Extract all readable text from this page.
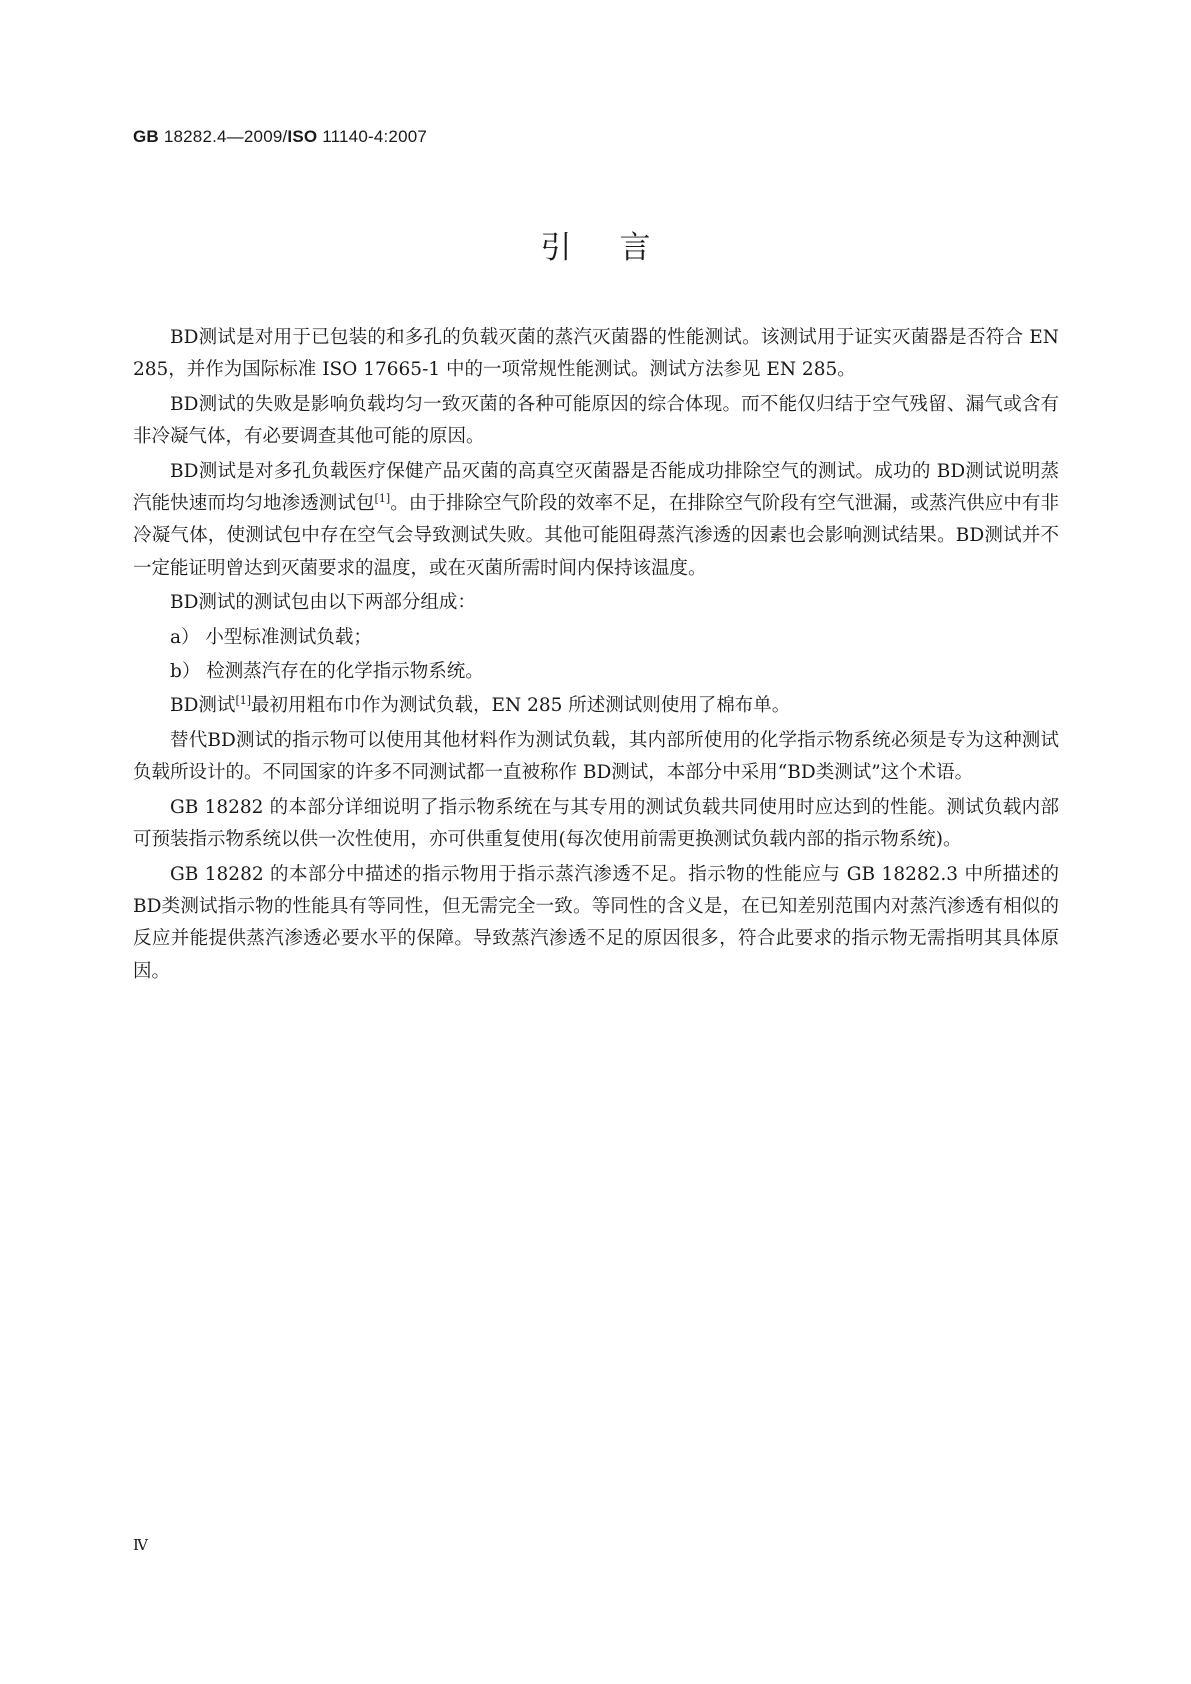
GB 18282.4—2009/ISO 11140-4:2007
引言

BD测试是对用于已包装的和多孔的负载灭菌的蒸汽灭菌器的性能测试。该测试用于证实灭菌器是否符合 EN 285，并作为国际标准 ISO 17665-1 中的一项常规性能测试。测试方法参见 EN 285。

BD测试的失败是影响负载均匀一致灭菌的各种可能原因的综合体现。而不能仅归结于空气残留、漏气或含有非冷凝气体，有必要调查其他可能的原因。

BD测试是对多孔负载医疗保健产品灭菌的高真空灭菌器是否能成功排除空气的测试。成功的 BD测试说明蒸汽能快速而均匀地渗透测试包[1]。由于排除空气阶段的效率不足，在排除空气阶段有空气泄漏，或蒸汽供应中有非冷凝气体，使测试包中存在空气会导致测试失败。其他可能阻碍蒸汽渗透的因素也会影响测试结果。BD测试并不一定能证明曾达到灭菌要求的温度，或在灭菌所需时间内保持该温度。

BD测试的测试包由以下两部分组成：

a） 小型标准测试负载；

b） 检测蒸汽存在的化学指示物系统。

BD测试[1]最初用粗布巾作为测试负载，EN 285 所述测试则使用了棉布单。

替代BD测试的指示物可以使用其他材料作为测试负载，其内部所使用的化学指示物系统必须是专为这种测试负载所设计的。不同国家的许多不同测试都一直被称作 BD测试，本部分中采用“BD类测试”这个术语。

GB 18282 的本部分详细说明了指示物系统在与其专用的测试负载共同使用时应达到的性能。测试负载内部可预装指示物系统以供一次性使用，亦可供重复使用(每次使用前需更换测试负载内部的指示物系统)。

GB 18282 的本部分中描述的指示物用于指示蒸汽渗透不足。指示物的性能应与 GB 18282.3 中所描述的 BD类测试指示物的性能具有等同性，但无需完全一致。等同性的含义是，在已知差别范围内对蒸汽渗透有相似的反应并能提供蒸汽渗透必要水平的保障。导致蒸汽渗透不足的原因很多，符合此要求的指示物无需指明其具体原因。

Ⅳ
